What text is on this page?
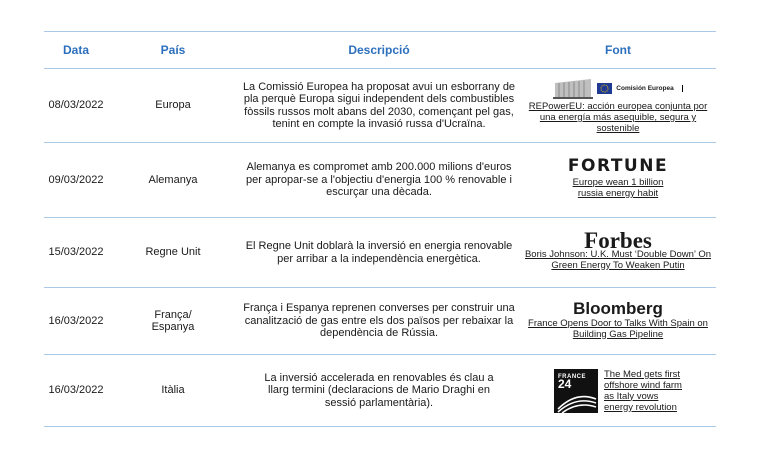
Data	País	Descripció	Font
08/03/2022	Europa	La Comissió Europea ha proposat avui un esborrany de pla perquè Europa sigui independent dels combustibles fòssils russos molt abans del 2030, començant pel gas, tenint en compte la invasió russa d'Ucraïna.	Comisión Europea
REPowerEU: acción europea conjunta por una energía más asequible, segura y sostenible

09/03/2022	Alemanya	Alemanya es compromet amb 200.000 milions d'euros per apropar-se a l'objectiu d'energia 100 % renovable i escurçar una dècada.	FORTUNE
Europe wean 1 billion russia energy habit

15/03/2022	Regne Unit	El Regne Unit doblarà la inversió en energia renovable per arribar a la independència energètica.	Forbes
Boris Johnson: U.K. Must ‘Double Down’ On Green Energy To Weaken Putin

16/03/2022	França/ Espanya	França i Espanya reprenen converses per construir una canalització de gas entre els dos països per rebaixar la dependència de Rússia.	Bloomberg
France Opens Door to Talks With Spain on Building Gas Pipeline

16/03/2022	Itàlia	La inversió accelerada en renovables és clau a llarg termini (declaracions de Mario Draghi en sessió parlamentària).	FRANCE
24
The Med gets first offshore wind farm as Italy vows energy revolution
